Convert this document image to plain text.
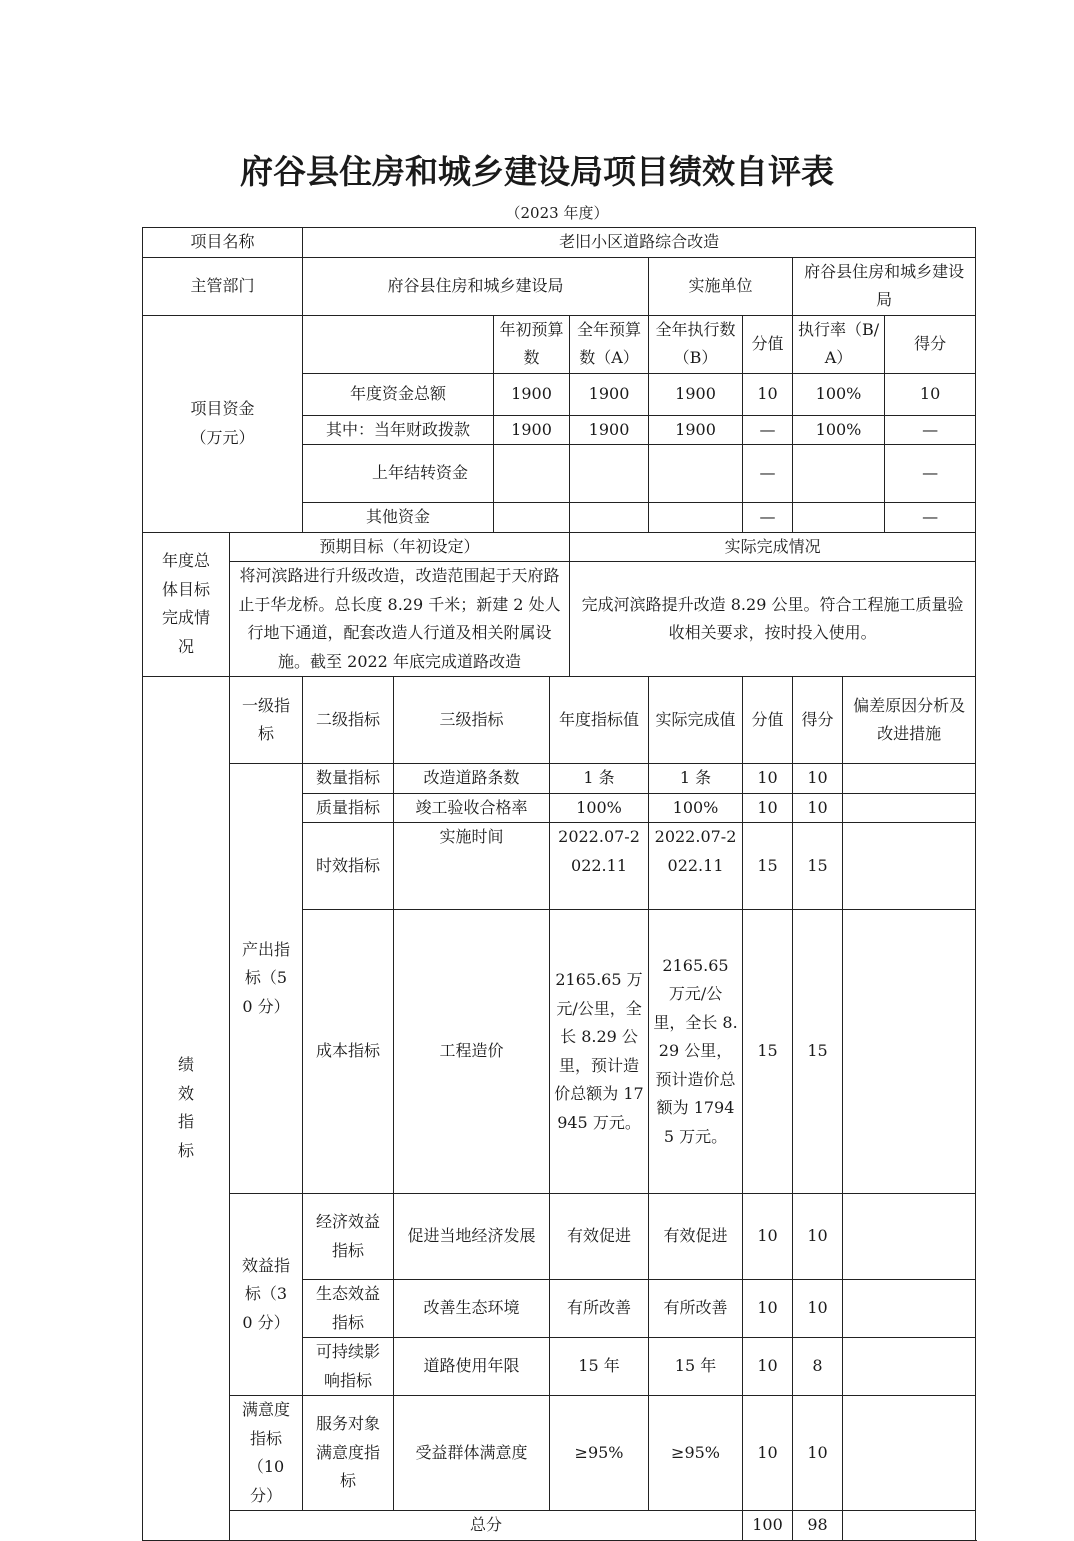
府谷县住房和城乡建设局项目绩效自评表
（2023 年度）
项目名称		老旧小区道路综合改造									
主管部门		府谷县住房和城乡建设局					实施单位		府谷县住房和城乡建设局		
项目资金
（万元）				年初预算数		全年预算数（A）	全年执行数（B）	分值	执行率（B/A）		得分
		年度资金总额		1900		1900	1900	10	100%		10
		其中：当年财政拨款		1900		1900	1900	—	100%		—
		上年结转资金						—			—
		其他资金						—			—
年度总体目标完成情况	预期目标（年初设定）					实际完成情况					
	将河滨路进行升级改造，改造范围起于天府路止于华龙桥。总长度 8.29 千米；新建 2 处人行地下通道，配套改造人行道及相关附属设施。截至 2022 年底完成道路改造					完成河滨路提升改造 8.29 公里。符合工程施工质量验收相关要求，按时投入使用。					
绩效指标	一级指标	二级指标	三级指标		年度指标值		实际完成值	分值	得分	偏差原因分析及改进措施	
	产出指标（50 分）	数量指标	改造道路条数		1 条		1 条	10	10		
		质量指标	竣工验收合格率		100%		100%	10	10		
		时效指标	实施时间		2022.07-2022.11		2022.07-2022.11	15	15		
		成本指标	工程造价		2165.65 万元/公里，全长 8.29 公里，预计造价总额为 17945 万元。		2165.65 万元/公里，全长 8.29 公里，预计造价总额为 17945 万元。	15	15		
	效益指标（30 分）	经济效益指标	促进当地经济发展		有效促进		有效促进	10	10		
		生态效益指标	改善生态环境		有所改善		有所改善	10	10		
		可持续影响指标	道路使用年限		15 年		15 年	10	8		
	满意度指标（10 分）	服务对象满意度指标	受益群体满意度		≥95%		≥95%	10	10		
	总分							100	98		
